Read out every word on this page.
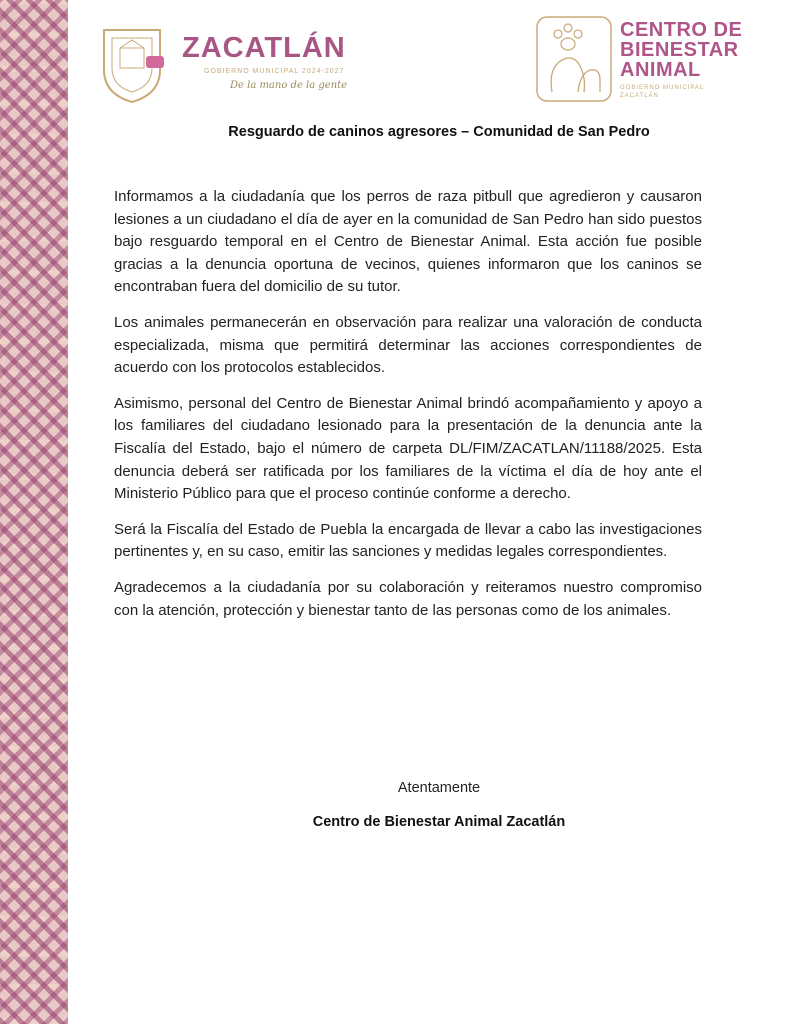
ZACATLÁN
GOBIERNO MUNICIPAL 2024-2027
De la mano de la gente
CENTRO DE
BIENESTAR
ANIMAL
GOBIERNO MUNICIPAL
ZACATLÁN
Resguardo de caninos agresores – Comunidad de San Pedro

Informamos a la ciudadanía que los perros de raza pitbull que agredieron y causaron lesiones a un ciudadano el día de ayer en la comunidad de San Pedro han sido puestos bajo resguardo temporal en el Centro de Bienestar Animal. Esta acción fue posible gracias a la denuncia oportuna de vecinos, quienes informaron que los caninos se encontraban fuera del domicilio de su tutor.

Los animales permanecerán en observación para realizar una valoración de conducta especializada, misma que permitirá determinar las acciones correspondientes de acuerdo con los protocolos establecidos.

Asimismo, personal del Centro de Bienestar Animal brindó acompañamiento y apoyo a los familiares del ciudadano lesionado para la presentación de la denuncia ante la Fiscalía del Estado, bajo el número de carpeta DL/FIM/ZACATLAN/11188/2025. Esta denuncia deberá ser ratificada por los familiares de la víctima el día de hoy ante el Ministerio Público para que el proceso continúe conforme a derecho.

Será la Fiscalía del Estado de Puebla la encargada de llevar a cabo las investigaciones pertinentes y, en su caso, emitir las sanciones y medidas legales correspondientes.

Agradecemos a la ciudadanía por su colaboración y reiteramos nuestro compromiso con la atención, protección y bienestar tanto de las personas como de los animales.

Atentamente
Centro de Bienestar Animal Zacatlán
